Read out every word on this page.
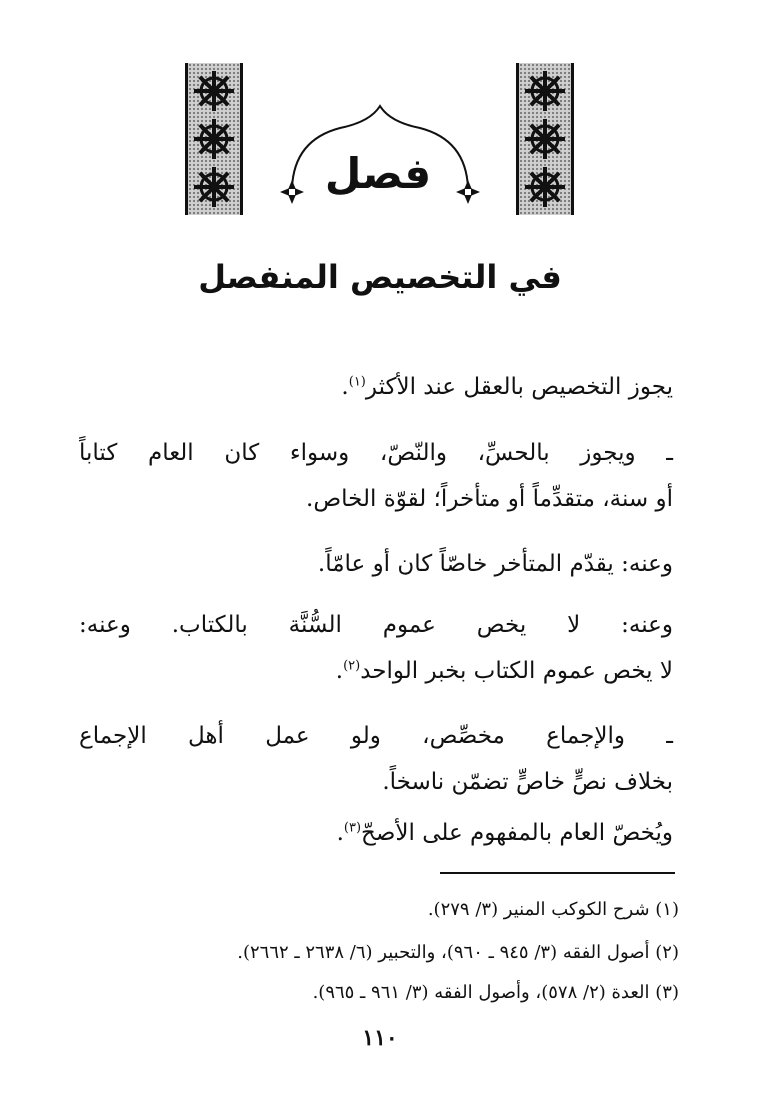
فصل
في التخصيص المنفصل

يجوز التخصيص بالعقل عند الأكثر$^{(١)}$.

ـ ويجوز بالحسِّ، والنّصّ، وسواء كان العام كتاباً
أو سنة، متقدِّماً أو متأخراً؛ لقوّة الخاص.

وعنه: يقدّم المتأخر خاصّاً كان أو عامّاً.

وعنه: لا يخص عموم السُّنَّة بالكتاب. وعنه:
لا يخص عموم الكتاب بخبر الواحد$^{(٢)}$.

ـ والإجماع مخصِّص، ولو عمل أهل الإجماع
بخلاف نصٍّ خاصٍّ تضمّن ناسخاً.

ويُخصّ العام بالمفهوم على الأصحّ$^{(٣)}$.

(١) شرح الكوكب المنير (٣/ ٢٧٩).
(٢) أصول الفقه (٣/ ٩٤٥ ـ ٩٦٠)، والتحبير (٦/ ٢٦٣٨ ـ ٢٦٦٢).
(٣) العدة (٢/ ٥٧٨)، وأصول الفقه (٣/ ٩٦١ ـ ٩٦٥).
١١٠
